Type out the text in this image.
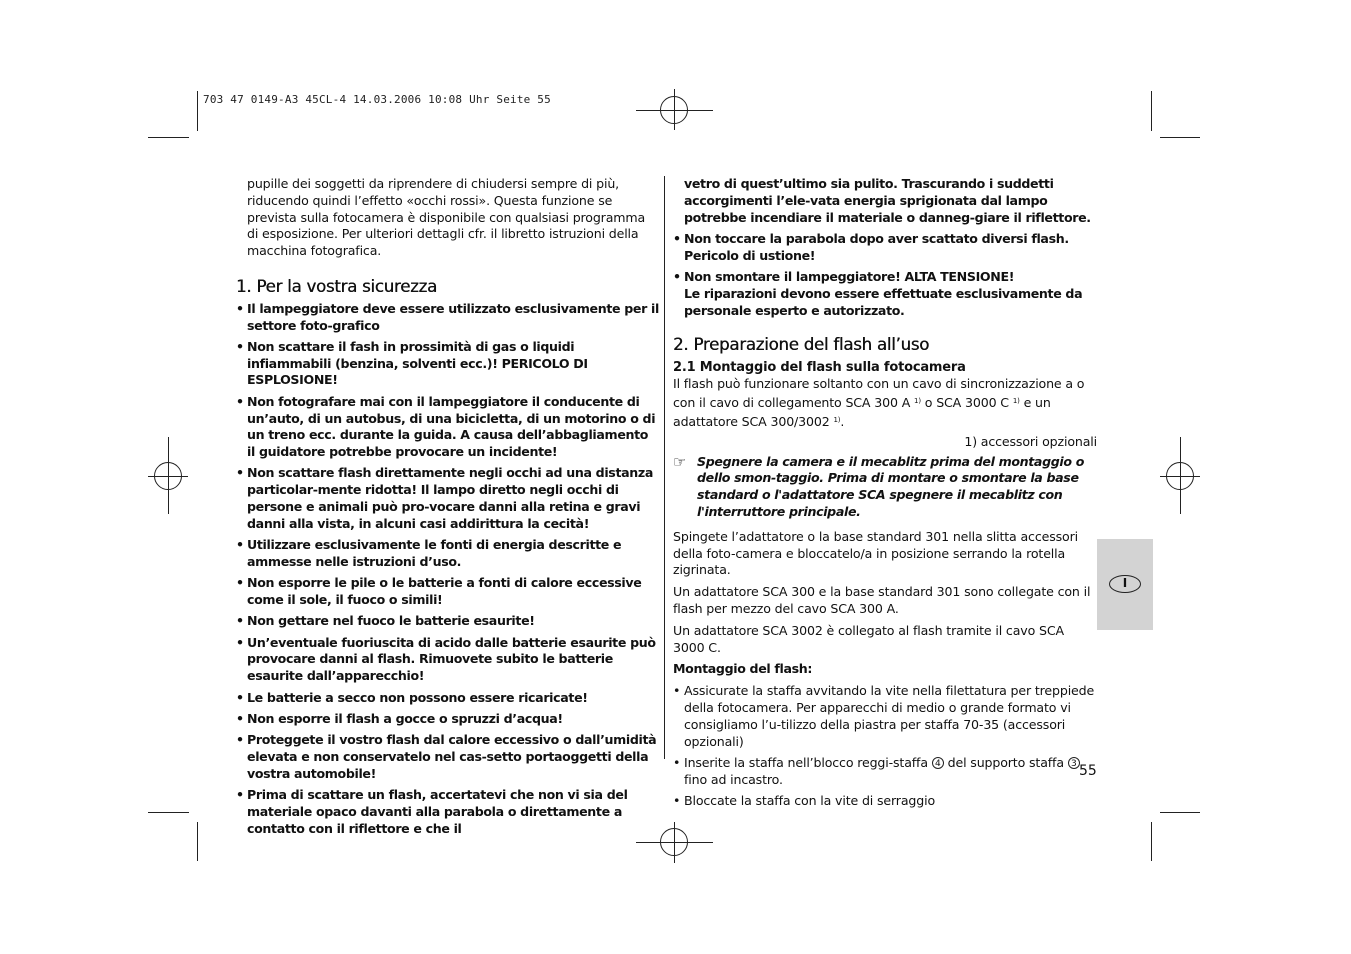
703 47 0149-A3 45CL-4 14.03.2006 10:08 Uhr Seite 55

pupille dei soggetti da riprendere di chiudersi sempre di più, riducendo quindi l’effetto «occhi rossi». Questa funzione se prevista sulla fotocamera è disponibile con qualsiasi programma di esposizione. Per ulteriori dettagli cfr. il libretto istruzioni della macchina fotografica.

1. Per la vostra sicurezza
• Il lampeggiatore deve essere utilizzato esclusivamente per il settore foto-grafico
• Non scattare il fash in prossimità di gas o liquidi infiammabili (benzina, solventi ecc.)! PERICOLO DI ESPLOSIONE!
• Non fotografare mai con il lampeggiatore il conducente di un’auto, di un autobus, di una bicicletta, di un motorino o di un treno ecc. durante la guida. A causa dell’abbagliamento il guidatore potrebbe provocare un incidente!
• Non scattare flash direttamente negli occhi ad una distanza particolar-mente ridotta! Il lampo diretto negli occhi di persone e animali può pro-vocare danni alla retina e gravi danni alla vista, in alcuni casi addirittura la cecità!
• Utilizzare esclusivamente le fonti di energia descritte e ammesse nelle istruzioni d’uso.
• Non esporre le pile o le batterie a fonti di calore eccessive come il sole, il fuoco o simili!
• Non gettare nel fuoco le batterie esaurite!
• Un’eventuale fuoriuscita di acido dalle batterie esaurite può provocare danni al flash. Rimuovete subito le batterie esaurite dall’apparecchio!
• Le batterie a secco non possono essere ricaricate!
• Non esporre il flash a gocce o spruzzi d’acqua!
• Proteggete il vostro flash dal calore eccessivo o dall’umidità elevata e non conservatelo nel cas-setto portaoggetti della vostra automobile!
• Prima di scattare un flash, accertatevi che non vi sia del materiale opaco davanti alla parabola o direttamente a contatto con il riflettore e che il

vetro di quest’ultimo sia pulito. Trascurando i suddetti accorgimenti l’ele-vata energia sprigionata dal lampo potrebbe incendiare il materiale o danneg-giare il riflettore.

• Non toccare la parabola dopo aver scattato diversi flash. Pericolo di ustione!
• Non smontare il lampeggiatore! ALTA TENSIONE!
Le riparazioni devono essere effettuate esclusivamente da personale esperto e autorizzato.
2. Preparazione del flash all’uso
2.1 Montaggio del flash sulla fotocamera

Il flash può funzionare soltanto con un cavo di sincronizzazione a o con il cavo di collegamento SCA 300 A $^{1)}$ o SCA 3000 C $^{1)}$ e un adattatore SCA 300/3002 $^{1)}$.

1) accessori opzionali
☞ Spegnere la camera e il mecablitz prima del montaggio o dello smon-taggio. Prima di montare o smontare la base standard o l'adattatore SCA spegnere il mecablitz con l'interruttore principale.

Spingete l’adattatore o la base standard 301 nella slitta accessori della foto-camera e bloccatelo/a in posizione serrando la rotella zigrinata.

Un adattatore SCA 300 e la base standard 301 sono collegate con il flash per mezzo del cavo SCA 300 A.

Un adattatore SCA 3002 è collegato al flash tramite il cavo SCA 3000 C.

Montaggio del flash:
• Assicurate la staffa avvitando la vite nella filettatura per treppiede della fotocamera. Per apparecchi di medio o grande formato vi consigliamo l’u-tilizzo della piastra per staffa 70-35 (accessori opzionali)
• Inserite la staffa nell’blocco reggi-staffa 4 del supporto staffa 3 fino ad incastro.
• Bloccate la staffa con la vite di serraggio
I
55
